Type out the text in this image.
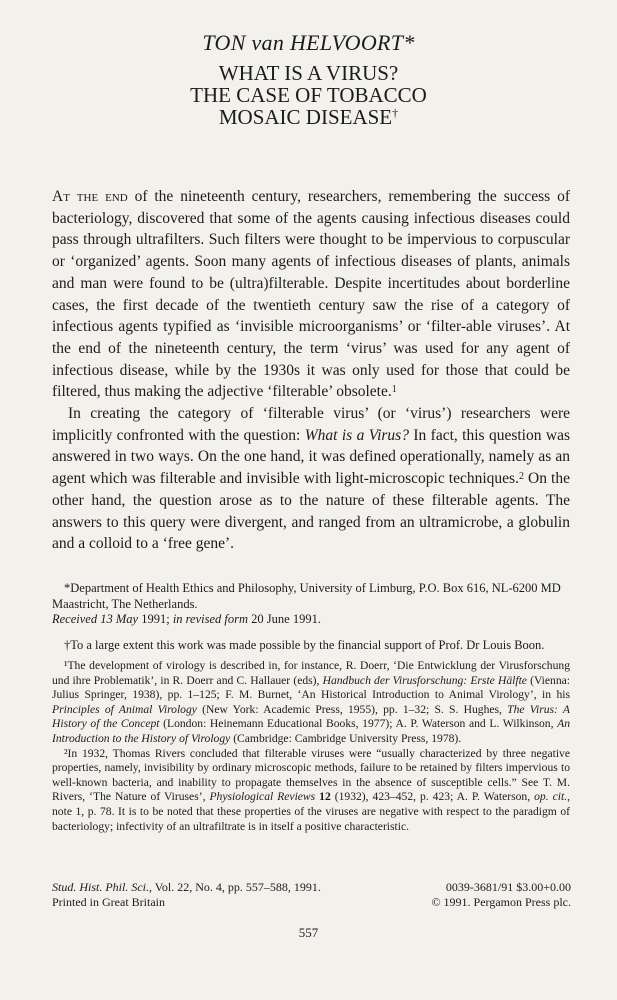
TON van HELVOORT*
WHAT IS A VIRUS?
THE CASE OF TOBACCO
MOSAIC DISEASE†

At the end of the nineteenth century, researchers, remembering the success of bacteriology, discovered that some of the agents causing infectious diseases could pass through ultrafilters. Such filters were thought to be impervious to corpuscular or ‘organized’ agents. Soon many agents of infectious diseases of plants, animals and man were found to be (ultra)filterable. Despite incertitudes about borderline cases, the first decade of the twentieth century saw the rise of a category of infectious agents typified as ‘invisible microorganisms’ or ‘filter-able viruses’. At the end of the nineteenth century, the term ‘virus’ was used for any agent of infectious disease, while by the 1930s it was only used for those that could be filtered, thus making the adjective ‘filterable’ obsolete.$^1$

In creating the category of ‘filterable virus’ (or ‘virus’) researchers were implicitly confronted with the question: What is a Virus? In fact, this question was answered in two ways. On the one hand, it was defined operationally, namely as an agent which was filterable and invisible with light-microscopic techniques.$^2$ On the other hand, the question arose as to the nature of these filterable agents. The answers to this query were divergent, and ranged from an ultramicrobe, a globulin and a colloid to a ‘free gene’.

*Department of Health Ethics and Philosophy, University of Limburg, P.O. Box 616, NL-6200 MD Maastricht, The Netherlands.

Received 13 May 1991; in revised form 20 June 1991.

†To a large extent this work was made possible by the financial support of Prof. Dr Louis Boon.

¹The development of virology is described in, for instance, R. Doerr, ‘Die Entwicklung der Virusforschung und ihre Problematik’, in R. Doerr and C. Hallauer (eds), Handbuch der Virusforschung: Erste Hälfte (Vienna: Julius Springer, 1938), pp. 1–125; F. M. Burnet, ‘An Historical Introduction to Animal Virology’, in his Principles of Animal Virology (New York: Academic Press, 1955), pp. 1–32; S. S. Hughes, The Virus: A History of the Concept (London: Heinemann Educational Books, 1977); A. P. Waterson and L. Wilkinson, An Introduction to the History of Virology (Cambridge: Cambridge University Press, 1978).

²In 1932, Thomas Rivers concluded that filterable viruses were “usually characterized by three negative properties, namely, invisibility by ordinary microscopic methods, failure to be retained by filters impervious to well-known bacteria, and inability to propagate themselves in the absence of susceptible cells.” See T. M. Rivers, ‘The Nature of Viruses’, Physiological Reviews 12 (1932), 423–452, p. 423; A. P. Waterson, op. cit., note 1, p. 78. It is to be noted that these properties of the viruses are negative with respect to the paradigm of bacteriology; infectivity of an ultrafiltrate is in itself a positive characteristic.

Stud. Hist. Phil. Sci., Vol. 22, No. 4, pp. 557–588, 1991.
Printed in Great Britain
0039-3681/91 $3.00+0.00
© 1991. Pergamon Press plc.
557
